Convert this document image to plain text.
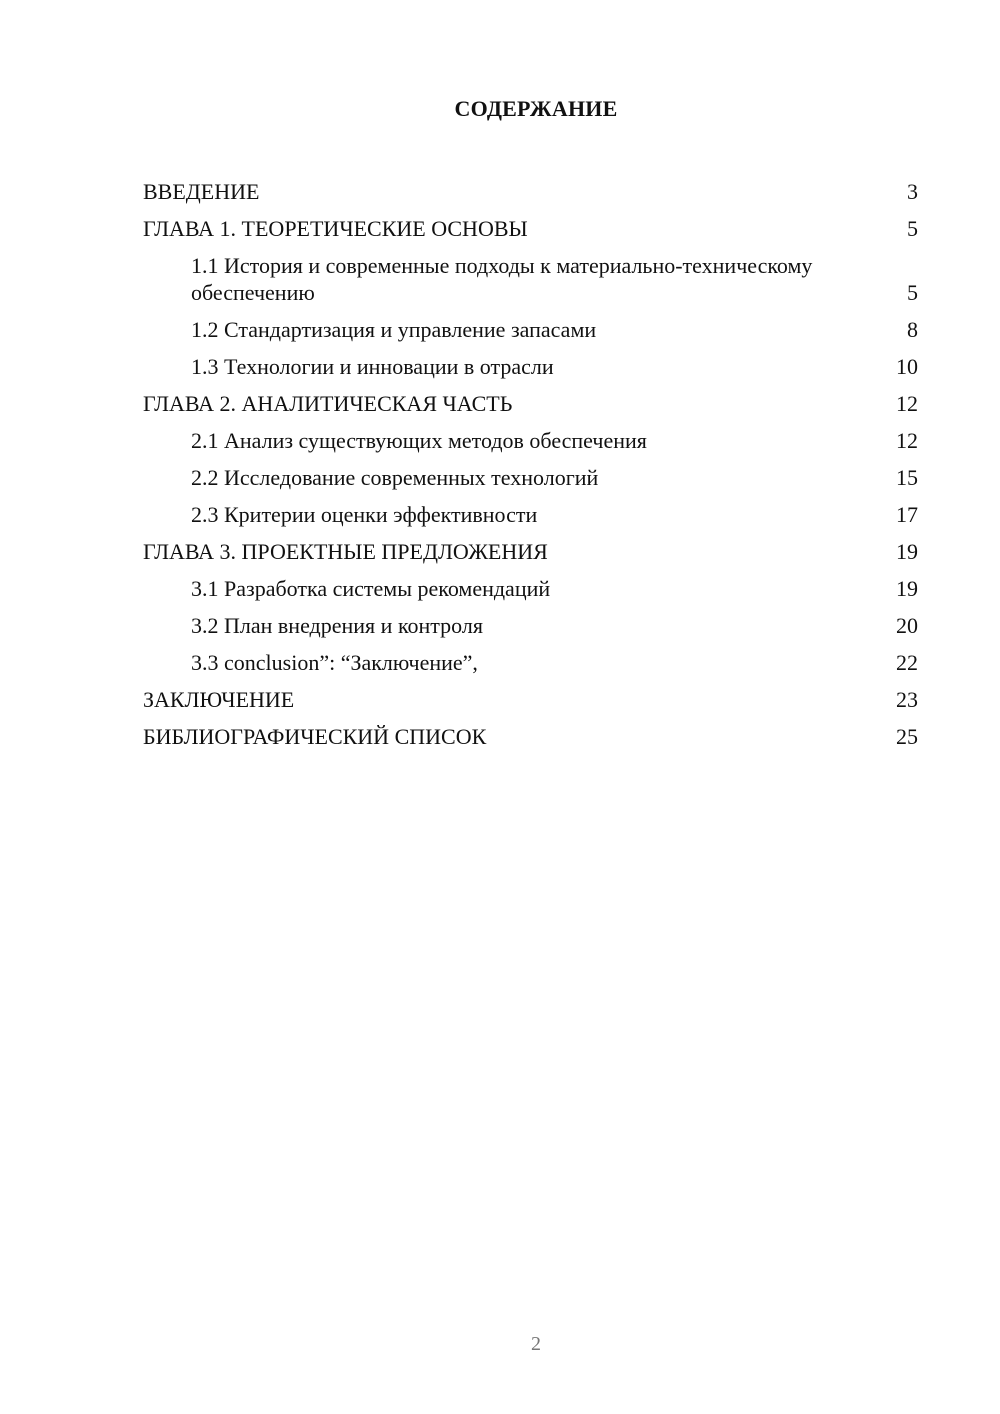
СОДЕРЖАНИЕ
ВВЕДЕНИЕ	3
ГЛАВА 1. ТЕОРЕТИЧЕСКИЕ ОСНОВЫ	5
1.1 История и современные подходы к материально-техническому обеспечению	5
1.2 Стандартизация и управление запасами	8
1.3 Технологии и инновации в отрасли	10
ГЛАВА 2. АНАЛИТИЧЕСКАЯ ЧАСТЬ	12
2.1 Анализ существующих методов обеспечения	12
2.2 Исследование современных технологий	15
2.3 Критерии оценки эффективности	17
ГЛАВА 3. ПРОЕКТНЫЕ ПРЕДЛОЖЕНИЯ	19
3.1 Разработка системы рекомендаций	19
3.2 План внедрения и контроля	20
3.3 conclusion”: “Заключение”,	22
ЗАКЛЮЧЕНИЕ	23
БИБЛИОГРАФИЧЕСКИЙ СПИСОК	25
2
